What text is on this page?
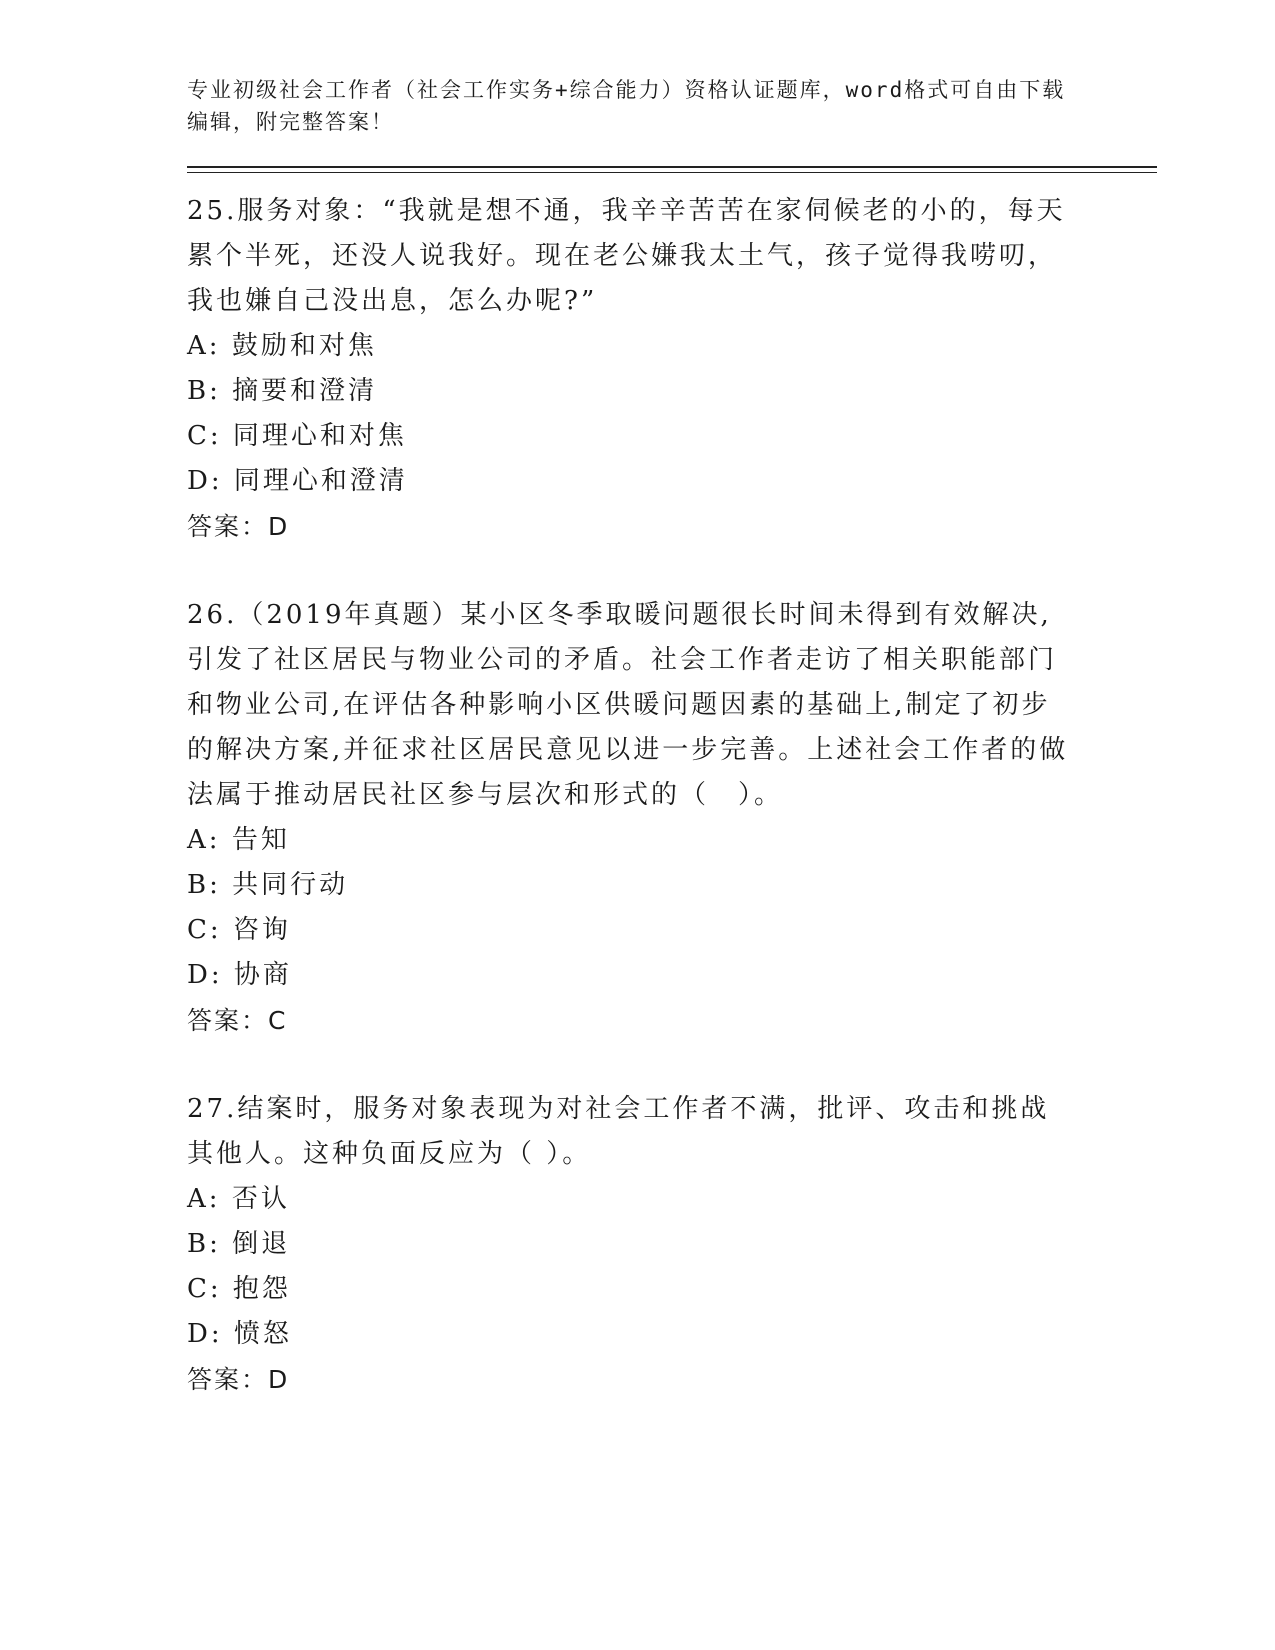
专业初级社会工作者（社会工作实务+综合能力）资格认证题库，word格式可自由下载编辑，附完整答案！

25.服务对象：“我就是想不通，我辛辛苦苦在家伺候老的小的，每天累个半死，还没人说我好。现在老公嫌我太土气，孩子觉得我唠叨，我也嫌自己没出息，怎么办呢?”

A: 鼓励和对焦

B: 摘要和澄清

C: 同理心和对焦

D: 同理心和澄清

答案：D

26.（2019年真题）某小区冬季取暖问题很长时间未得到有效解决,引发了社区居民与物业公司的矛盾。社会工作者走访了相关职能部门和物业公司,在评估各种影响小区供暖问题因素的基础上,制定了初步的解决方案,并征求社区居民意见以进一步完善。上述社会工作者的做法属于推动居民社区参与层次和形式的（　）。

A: 告知

B: 共同行动

C: 咨询

D: 协商

答案：C

27.结案时，服务对象表现为对社会工作者不满，批评、攻击和挑战其他人。这种负面反应为（ ）。

A: 否认

B: 倒退

C: 抱怨

D: 愤怒

答案：D
